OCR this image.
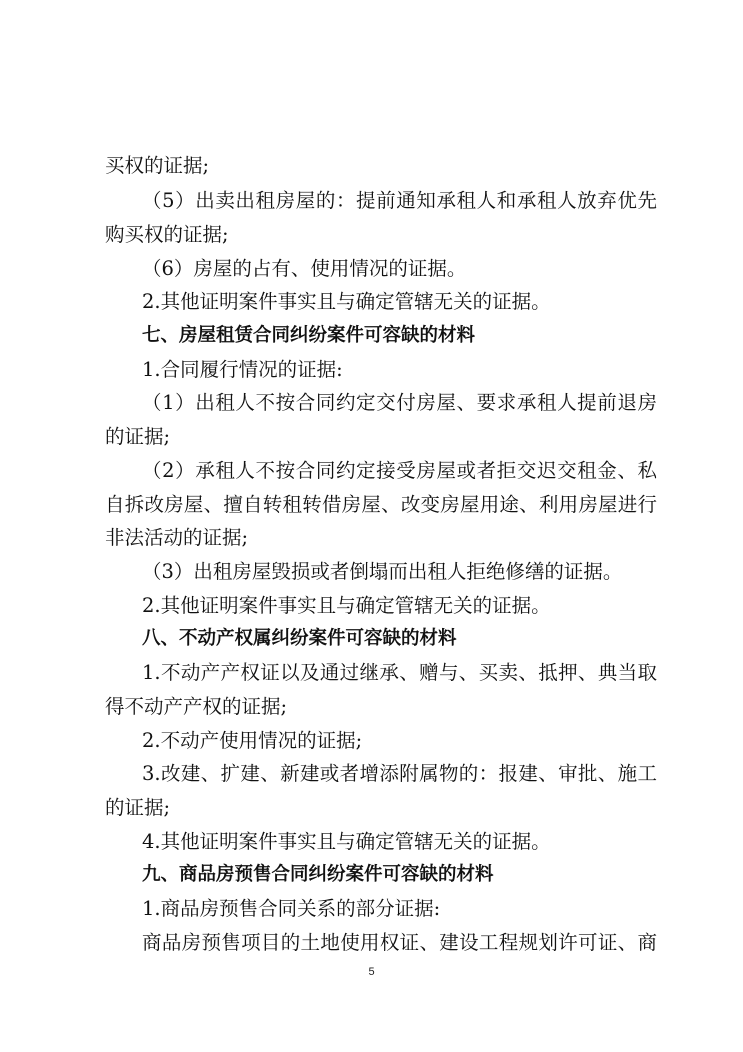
买权的证据;
（5）出卖出租房屋的：提前通知承租人和承租人放弃优先
购买权的证据;
（6）房屋的占有、使用情况的证据。
2.其他证明案件事实且与确定管辖无关的证据。
七、房屋租赁合同纠纷案件可容缺的材料
1.合同履行情况的证据:
（1）出租人不按合同约定交付房屋、要求承租人提前退房
的证据;
（2）承租人不按合同约定接受房屋或者拒交迟交租金、私
自拆改房屋、擅自转租转借房屋、改变房屋用途、利用房屋进行
非法活动的证据;
（3）出租房屋毁损或者倒塌而出租人拒绝修缮的证据。
2.其他证明案件事实且与确定管辖无关的证据。
八、不动产权属纠纷案件可容缺的材料
1.不动产产权证以及通过继承、赠与、买卖、抵押、典当取
得不动产产权的证据;
2.不动产使用情况的证据;
3.改建、扩建、新建或者增添附属物的：报建、审批、施工
的证据;
4.其他证明案件事实且与确定管辖无关的证据。
九、商品房预售合同纠纷案件可容缺的材料
1.商品房预售合同关系的部分证据:
商品房预售项目的土地使用权证、建设工程规划许可证、商
5
